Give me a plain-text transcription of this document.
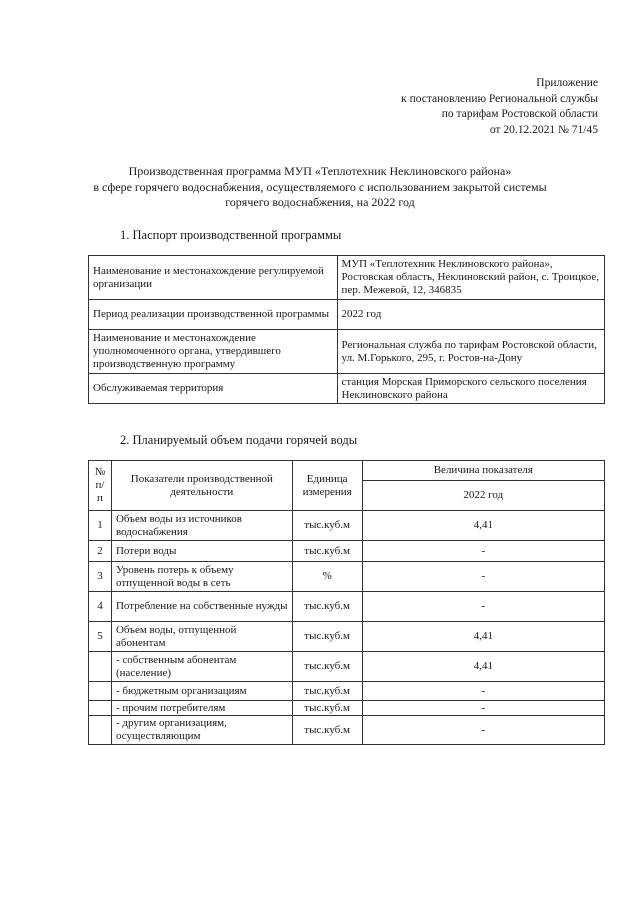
Приложение
к постановлению Региональной службы
по тарифам Ростовской области
от 20.12.2021 № 71/45
Производственная программа МУП «Теплотехник Неклиновского района»
в сфере горячего водоснабжения, осуществляемого с использованием закрытой системы
горячего водоснабжения, на 2022 год
1. Паспорт производственной программы
Наименование и местонахождение регулируемой организации	МУП «Теплотехник Неклиновского района», Ростовская область, Неклиновский район, с. Троицкое, пер. Межевой, 12, 346835
Период реализации производственной программы	2022 год
Наименование и местонахождение уполномоченного органа, утвердившего производственную программу	Региональная служба по тарифам Ростовской области, ул. М.Горького, 295, г. Ростов-на-Дону
Обслуживаемая территория	станция Морская Приморского сельского поселения Неклиновского района
2. Планируемый объем подачи горячей воды
№ п/п	Показатели производственной деятельности	Единица измерения	Величина показателя
			2022 год
1	Объем воды из источников водоснабжения	тыс.куб.м	4,41
2	Потери воды	тыс.куб.м	-
3	Уровень потерь к объему отпущенной воды в сеть	%	-
4	Потребление на собственные нужды	тыс.куб.м	-
5	Объем воды, отпущенной абонентам	тыс.куб.м	4,41
	- собственным абонентам (население)	тыс.куб.м	4,41
	- бюджетным организациям	тыс.куб.м	-
	- прочим потребителям	тыс.куб.м	-
	- другим организациям, осуществляющим	тыс.куб.м	-
